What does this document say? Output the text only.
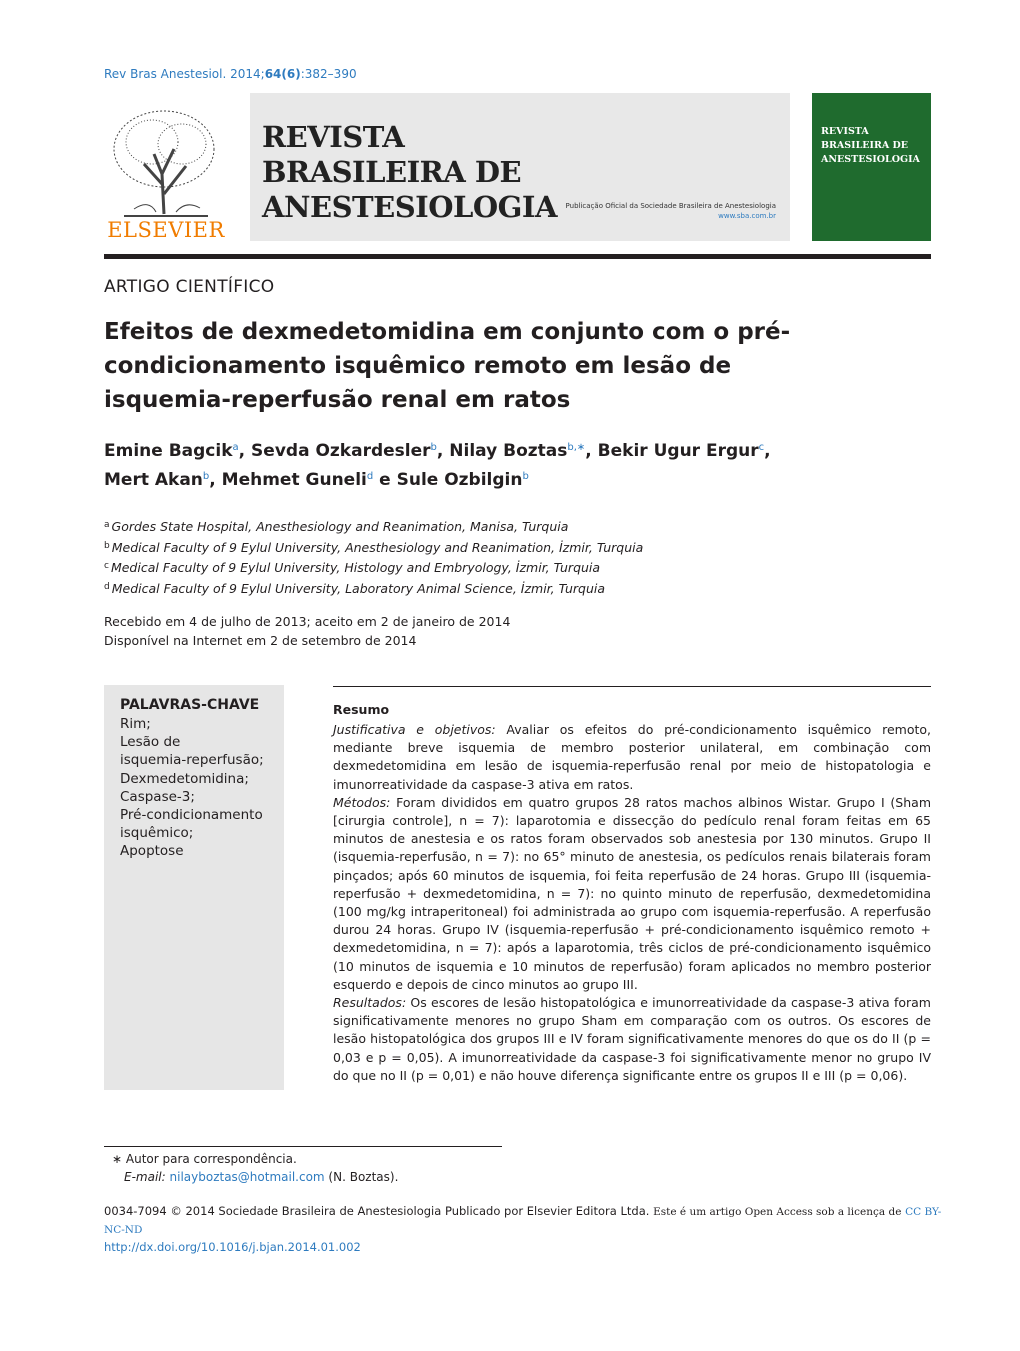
Rev Bras Anestesiol. 2014;64(6):382–390
ELSEVIER
REVISTA
BRASILEIRA DE
ANESTESIOLOGIA	Publicação Oficial da Sociedade Brasileira de Anestesiologia
www.sba.com.br
REVISTA
BRASILEIRA DE
ANESTESIOLOGIA
ARTIGO CIENTÍFICO
Efeitos de dexmedetomidina em conjunto com o pré-condicionamento isquêmico remoto em lesão de isquemia-reperfusão renal em ratos
Emine Bagcik$^a$, Sevda Ozkardesler$^b$, Nilay Boztas$^{b,∗}$, Bekir Ugur Ergur$^c$,
Mert Akan$^b$, Mehmet Guneli$^d$ e Sule Ozbilgin$^b$
$^a$ Gordes State Hospital, Anesthesiology and Reanimation, Manisa, Turquia
$^b$ Medical Faculty of 9 Eylul University, Anesthesiology and Reanimation, İzmir, Turquia
$^c$ Medical Faculty of 9 Eylul University, Histology and Embryology, İzmir, Turquia
$^d$ Medical Faculty of 9 Eylul University, Laboratory Animal Science, İzmir, Turquia
Recebido em 4 de julho de 2013; aceito em 2 de janeiro de 2014
Disponível na Internet em 2 de setembro de 2014
PALAVRAS-CHAVE
Rim;
Lesão de
isquemia-reperfusão;
Dexmedetomidina;
Caspase-3;
Pré-condicionamento
isquêmico;
Apoptose
Resumo

Justificativa e objetivos: Avaliar os efeitos do pré-condicionamento isquêmico remoto, mediante breve isquemia de membro posterior unilateral, em combinação com dexmedetomidina em lesão de isquemia-reperfusão renal por meio de histopatologia e imunorreatividade da caspase-3 ativa em ratos.

Métodos: Foram divididos em quatro grupos 28 ratos machos albinos Wistar. Grupo I (Sham [cirurgia controle], n = 7): laparotomia e dissecção do pedículo renal foram feitas em 65 minutos de anestesia e os ratos foram observados sob anestesia por 130 minutos. Grupo II (isquemia-reperfusão, n = 7): no 65° minuto de anestesia, os pedículos renais bilaterais foram pinçados; após 60 minutos de isquemia, foi feita reperfusão de 24 horas. Grupo III (isquemia-reperfusão + dexmedetomidina, n = 7): no quinto minuto de reperfusão, dexmedetomidina (100 mg/kg intraperitoneal) foi administrada ao grupo com isquemia-reperfusão. A reperfusão durou 24 horas. Grupo IV (isquemia-reperfusão + pré-condicionamento isquêmico remoto + dexmedetomidina, n = 7): após a laparotomia, três ciclos de pré-condicionamento isquêmico (10 minutos de isquemia e 10 minutos de reperfusão) foram aplicados no membro posterior esquerdo e depois de cinco minutos ao grupo III.

Resultados: Os escores de lesão histopatológica e imunorreatividade da caspase-3 ativa foram significativamente menores no grupo Sham em comparação com os outros. Os escores de lesão histopatológica dos grupos III e IV foram significativamente menores do que os do II (p = 0,03 e p = 0,05). A imunorreatividade da caspase-3 foi significativamente menor no grupo IV do que no II (p = 0,01) e não houve diferença significante entre os grupos II e III (p = 0,06).

∗ Autor para correspondência.
E-mail: nilayboztas@hotmail.com (N. Boztas).
0034-7094 © 2014 Sociedade Brasileira de Anestesiologia Publicado por Elsevier Editora Ltda. Este é um artigo Open Access sob a licença de CC BY-NC-ND
http://dx.doi.org/10.1016/j.bjan.2014.01.002
